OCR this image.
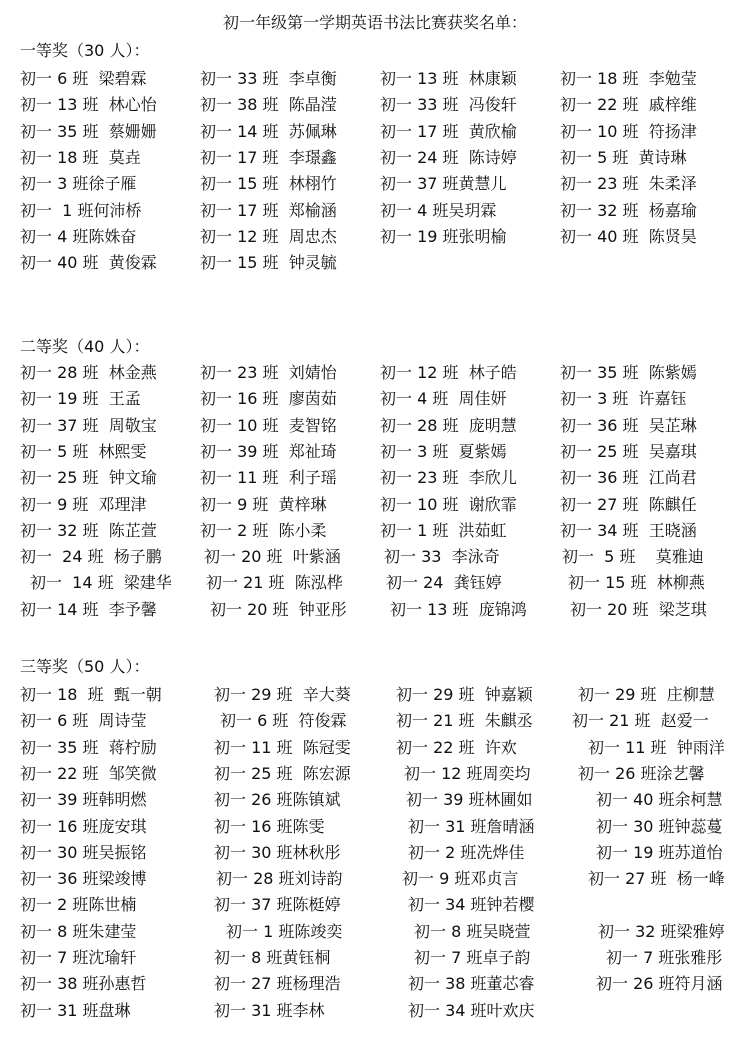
初一年级第一学期英语书法比赛获奖名单：
一等奖（30 人）：
二等奖（40 人）：
三等奖（50 人）：
初一 6 班  梁碧霖	初一 33 班  李卓衡	初一 13 班  林康颖	初一 18 班  李勉莹
初一 13 班  林心怡	初一 38 班  陈晶滢	初一 33 班  冯俊轩	初一 22 班  戚梓维
初一 35 班  蔡姗姗	初一 14 班  苏佩琳	初一 17 班  黄欣榆	初一 10 班  符扬津
初一 18 班  莫垚	初一 17 班  李璟鑫	初一 24 班  陈诗婷	初一 5 班  黄诗琳
初一 3 班徐子雁	初一 15 班  林栩竹	初一 37 班黄慧儿	初一 23 班  朱柔泽
初一  1 班何沛桥	初一 17 班  郑榆涵	初一 4 班吴玥霖	初一 32 班  杨嘉瑜
初一 4 班陈姝奋	初一 12 班  周忠杰	初一 19 班张明榆	初一 40 班  陈贤昊
初一 40 班  黄俊霖	初一 15 班  钟灵毓
初一 28 班  林金燕	初一 23 班  刘婧怡	初一 12 班  林子皓	初一 35 班  陈紫嫣
初一 19 班  王孟	初一 16 班  廖茵茹	初一 4 班  周佳妍	初一 3 班  许嘉钰
初一 37 班  周敬宝	初一 10 班  麦智铭	初一 28 班  庞明慧	初一 36 班  吴芷琳
初一 5 班  林熙雯	初一 39 班  郑祉琦	初一 3 班  夏紫嫣	初一 25 班  吴嘉琪
初一 25 班  钟文瑜	初一 11 班  利子瑶	初一 23 班  李欣儿	初一 36 班  江尚君
初一 9 班  邓理津	初一 9 班  黄梓琳	初一 10 班  谢欣霏	初一 27 班  陈麒任
初一 32 班  陈芷萱	初一 2 班  陈小柔	初一 1 班  洪茹虹	初一 34 班  王晓涵
初一  24 班  杨子鹏	初一 20 班  叶紫涵	初一 33  李泳奇	初一  5 班    莫雅迪
初一  14 班  梁建华 初一 21 班  陈泓桦	初一 24  龚钰婷	初一 15 班  林柳燕
初一 14 班  李予馨	初一 20 班  钟亚彤	初一 13 班  庞锦鸿	初一 20 班  梁芝琪
初一 18  班  甄一朝	初一 29 班  辛大葵	初一 29 班  钟嘉颖	初一 29 班  庄柳慧
初一 6 班  周诗莹	初一 6 班  符俊霖	初一 21 班  朱麒丞 初一 21 班  赵爱一
初一 35 班  蒋柠励	初一 11 班  陈冠雯	初一 22 班  许欢	初一 11 班  钟雨洋
初一 22 班  邹笑微	初一 25 班  陈宏源	初一 12 班周奕均	初一 26 班涂艺馨
初一 39 班韩明燃	初一 26 班陈镇斌	初一 39 班林圃如	初一 40 班余柯慧
初一 16 班庞安琪	初一 16 班陈雯	初一 31 班詹晴涵	初一 30 班钟蕊蔓
初一 30 班吴振铭	初一 30 班林秋彤	初一 2 班冼烨佳	初一 19 班苏道怡
初一 36 班梁竣博	初一 28 班刘诗韵	初一 9 班邓贞言	初一 27 班  杨一峰
初一 2 班陈世楠	初一 37 班陈梃婷	初一 34 班钟若樱
初一 8 班朱建莹	初一 1 班陈竣奕	初一 8 班吴晓萱	初一 32 班梁雅婷
初一 7 班沈瑜轩	初一 8 班黄钰桐	初一 7 班卓子韵	初一 7 班张雅彤
初一 38 班孙惠哲	初一 27 班杨理浩	初一 38 班董芯睿	初一 26 班符月涵
初一 31 班盘琳	初一 31 班李林	初一 34 班叶欢庆
